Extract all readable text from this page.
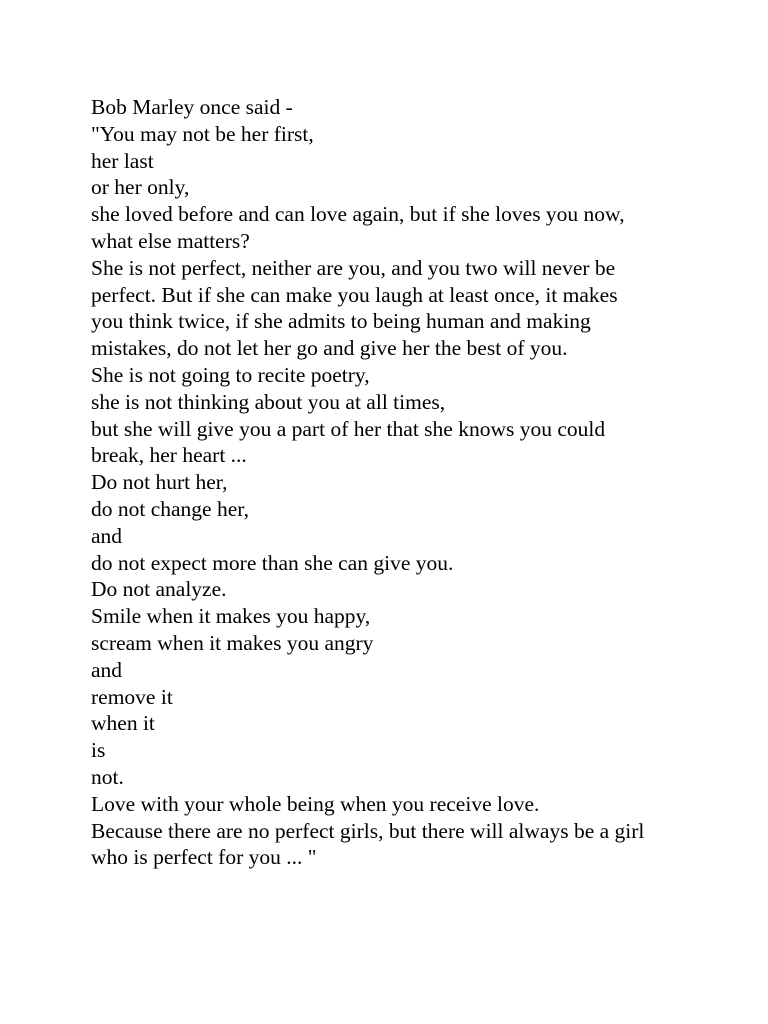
Bob Marley once said -
"You may not be her first,
her last
or her only,
she loved before and can love again, but if she loves you now,
what else matters?
She is not perfect, neither are you, and you two will never be
perfect. But if she can make you laugh at least once, it makes
you think twice, if she admits to being human and making
mistakes, do not let her go and give her the best of you.
She is not going to recite poetry,
she is not thinking about you at all times,
but she will give you a part of her that she knows you could
break, her heart ...
Do not hurt her,
do not change her,
and
do not expect more than she can give you.
Do not analyze.
Smile when it makes you happy,
scream when it makes you angry
and
remove it
when it
is
not.
Love with your whole being when you receive love.
Because there are no perfect girls, but there will always be a girl
who is perfect for you ... "
